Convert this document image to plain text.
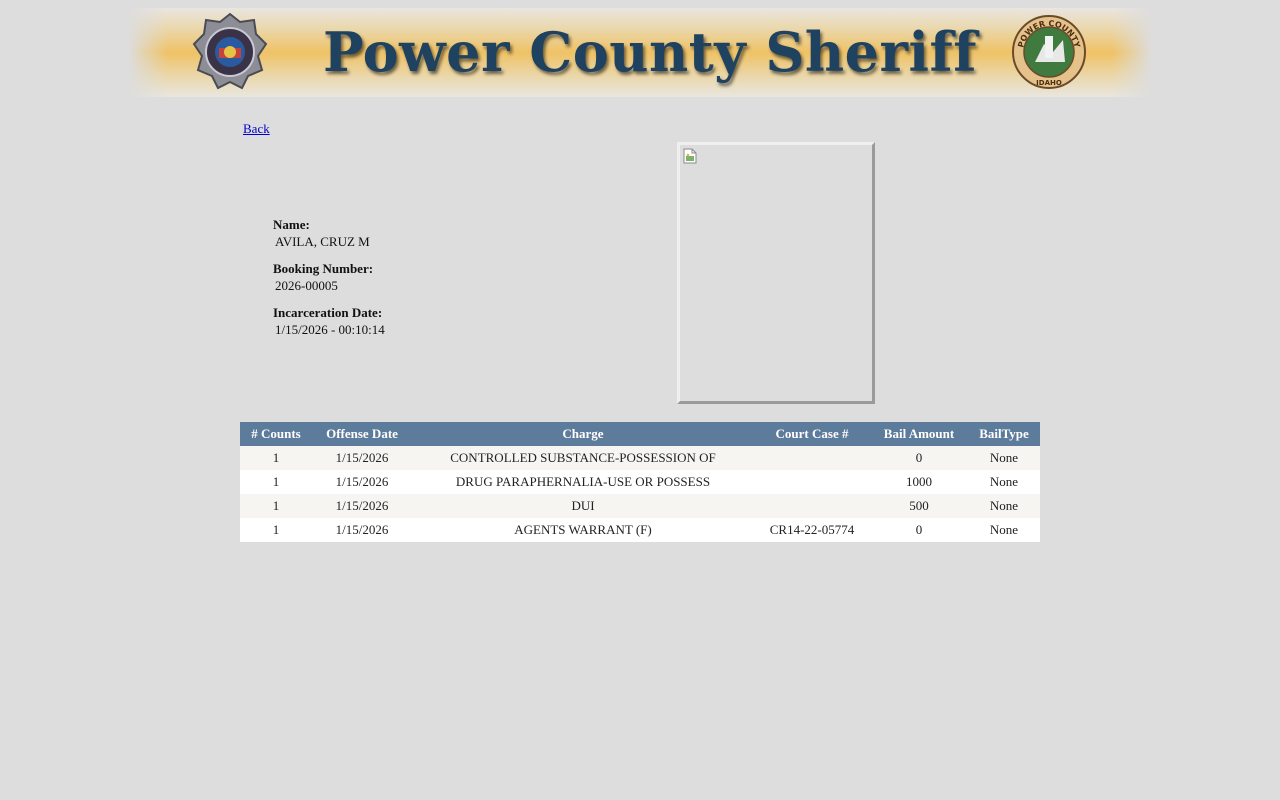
Power County Sheriff	POWER COUNTY
IDAHO
Back
Name:
AVILA, CRUZ M
Booking Number:
2026-00005
Incarceration Date:
1/15/2026 - 00:10:14
# Counts	Offense Date	Charge	Court Case #	Bail Amount	BailType
1	1/15/2026	CONTROLLED SUBSTANCE-POSSESSION OF		0	None
1	1/15/2026	DRUG PARAPHERNALIA-USE OR POSSESS		1000	None
1	1/15/2026	DUI		500	None
1	1/15/2026	AGENTS WARRANT (F)	CR14-22-05774	0	None
